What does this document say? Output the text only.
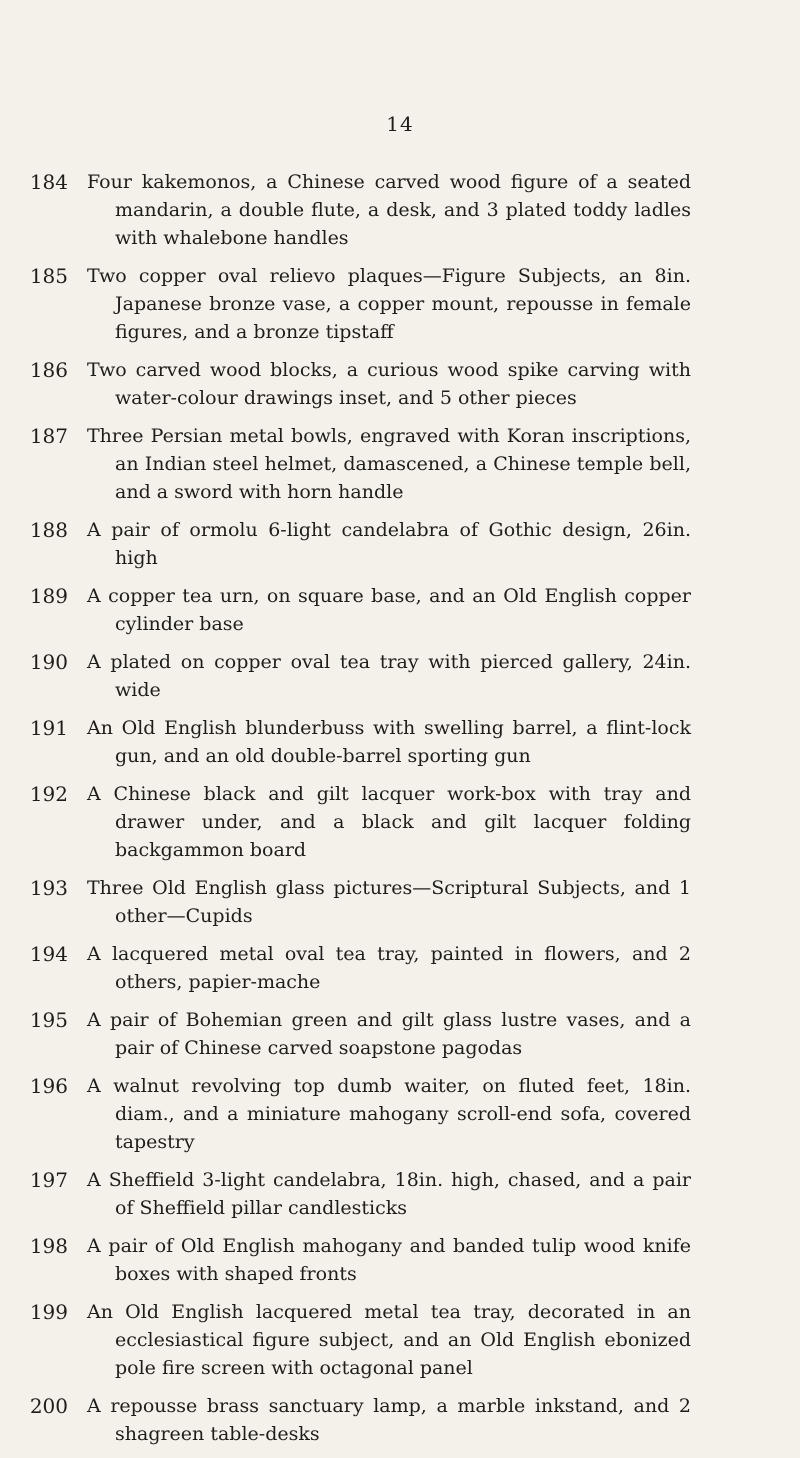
14
184 Four kakemonos, a Chinese carved wood figure of a seated mandarin, a double flute, a desk, and 3 plated toddy ladles with whalebone handles
185 Two copper oval relievo plaques—Figure Subjects, an 8in. Japanese bronze vase, a copper mount, repousse in female figures, and a bronze tipstaff
186 Two carved wood blocks, a curious wood spike carving with water-colour drawings inset, and 5 other pieces
187 Three Persian metal bowls, engraved with Koran inscriptions, an Indian steel helmet, damascened, a Chinese temple bell, and a sword with horn handle
188 A pair of ormolu 6-light candelabra of Gothic design, 26in. high
189 A copper tea urn, on square base, and an Old English copper cylinder base
190 A plated on copper oval tea tray with pierced gallery, 24in. wide
191 An Old English blunderbuss with swelling barrel, a flint-lock gun, and an old double-barrel sporting gun
192 A Chinese black and gilt lacquer work-box with tray and drawer under, and a black and gilt lacquer folding backgammon board
193 Three Old English glass pictures—Scriptural Subjects, and 1 other—Cupids
194 A lacquered metal oval tea tray, painted in flowers, and 2 others, papier-mache
195 A pair of Bohemian green and gilt glass lustre vases, and a pair of Chinese carved soapstone pagodas
196 A walnut revolving top dumb waiter, on fluted feet, 18in. diam., and a miniature mahogany scroll-end sofa, covered tapestry
197 A Sheffield 3-light candelabra, 18in. high, chased, and a pair of Sheffield pillar candlesticks
198 A pair of Old English mahogany and banded tulip wood knife boxes with shaped fronts
199 An Old English lacquered metal tea tray, decorated in an ecclesiastical figure subject, and an Old English ebonized pole fire screen with octagonal panel
200 A repousse brass sanctuary lamp, a marble inkstand, and 2 shagreen table-desks
